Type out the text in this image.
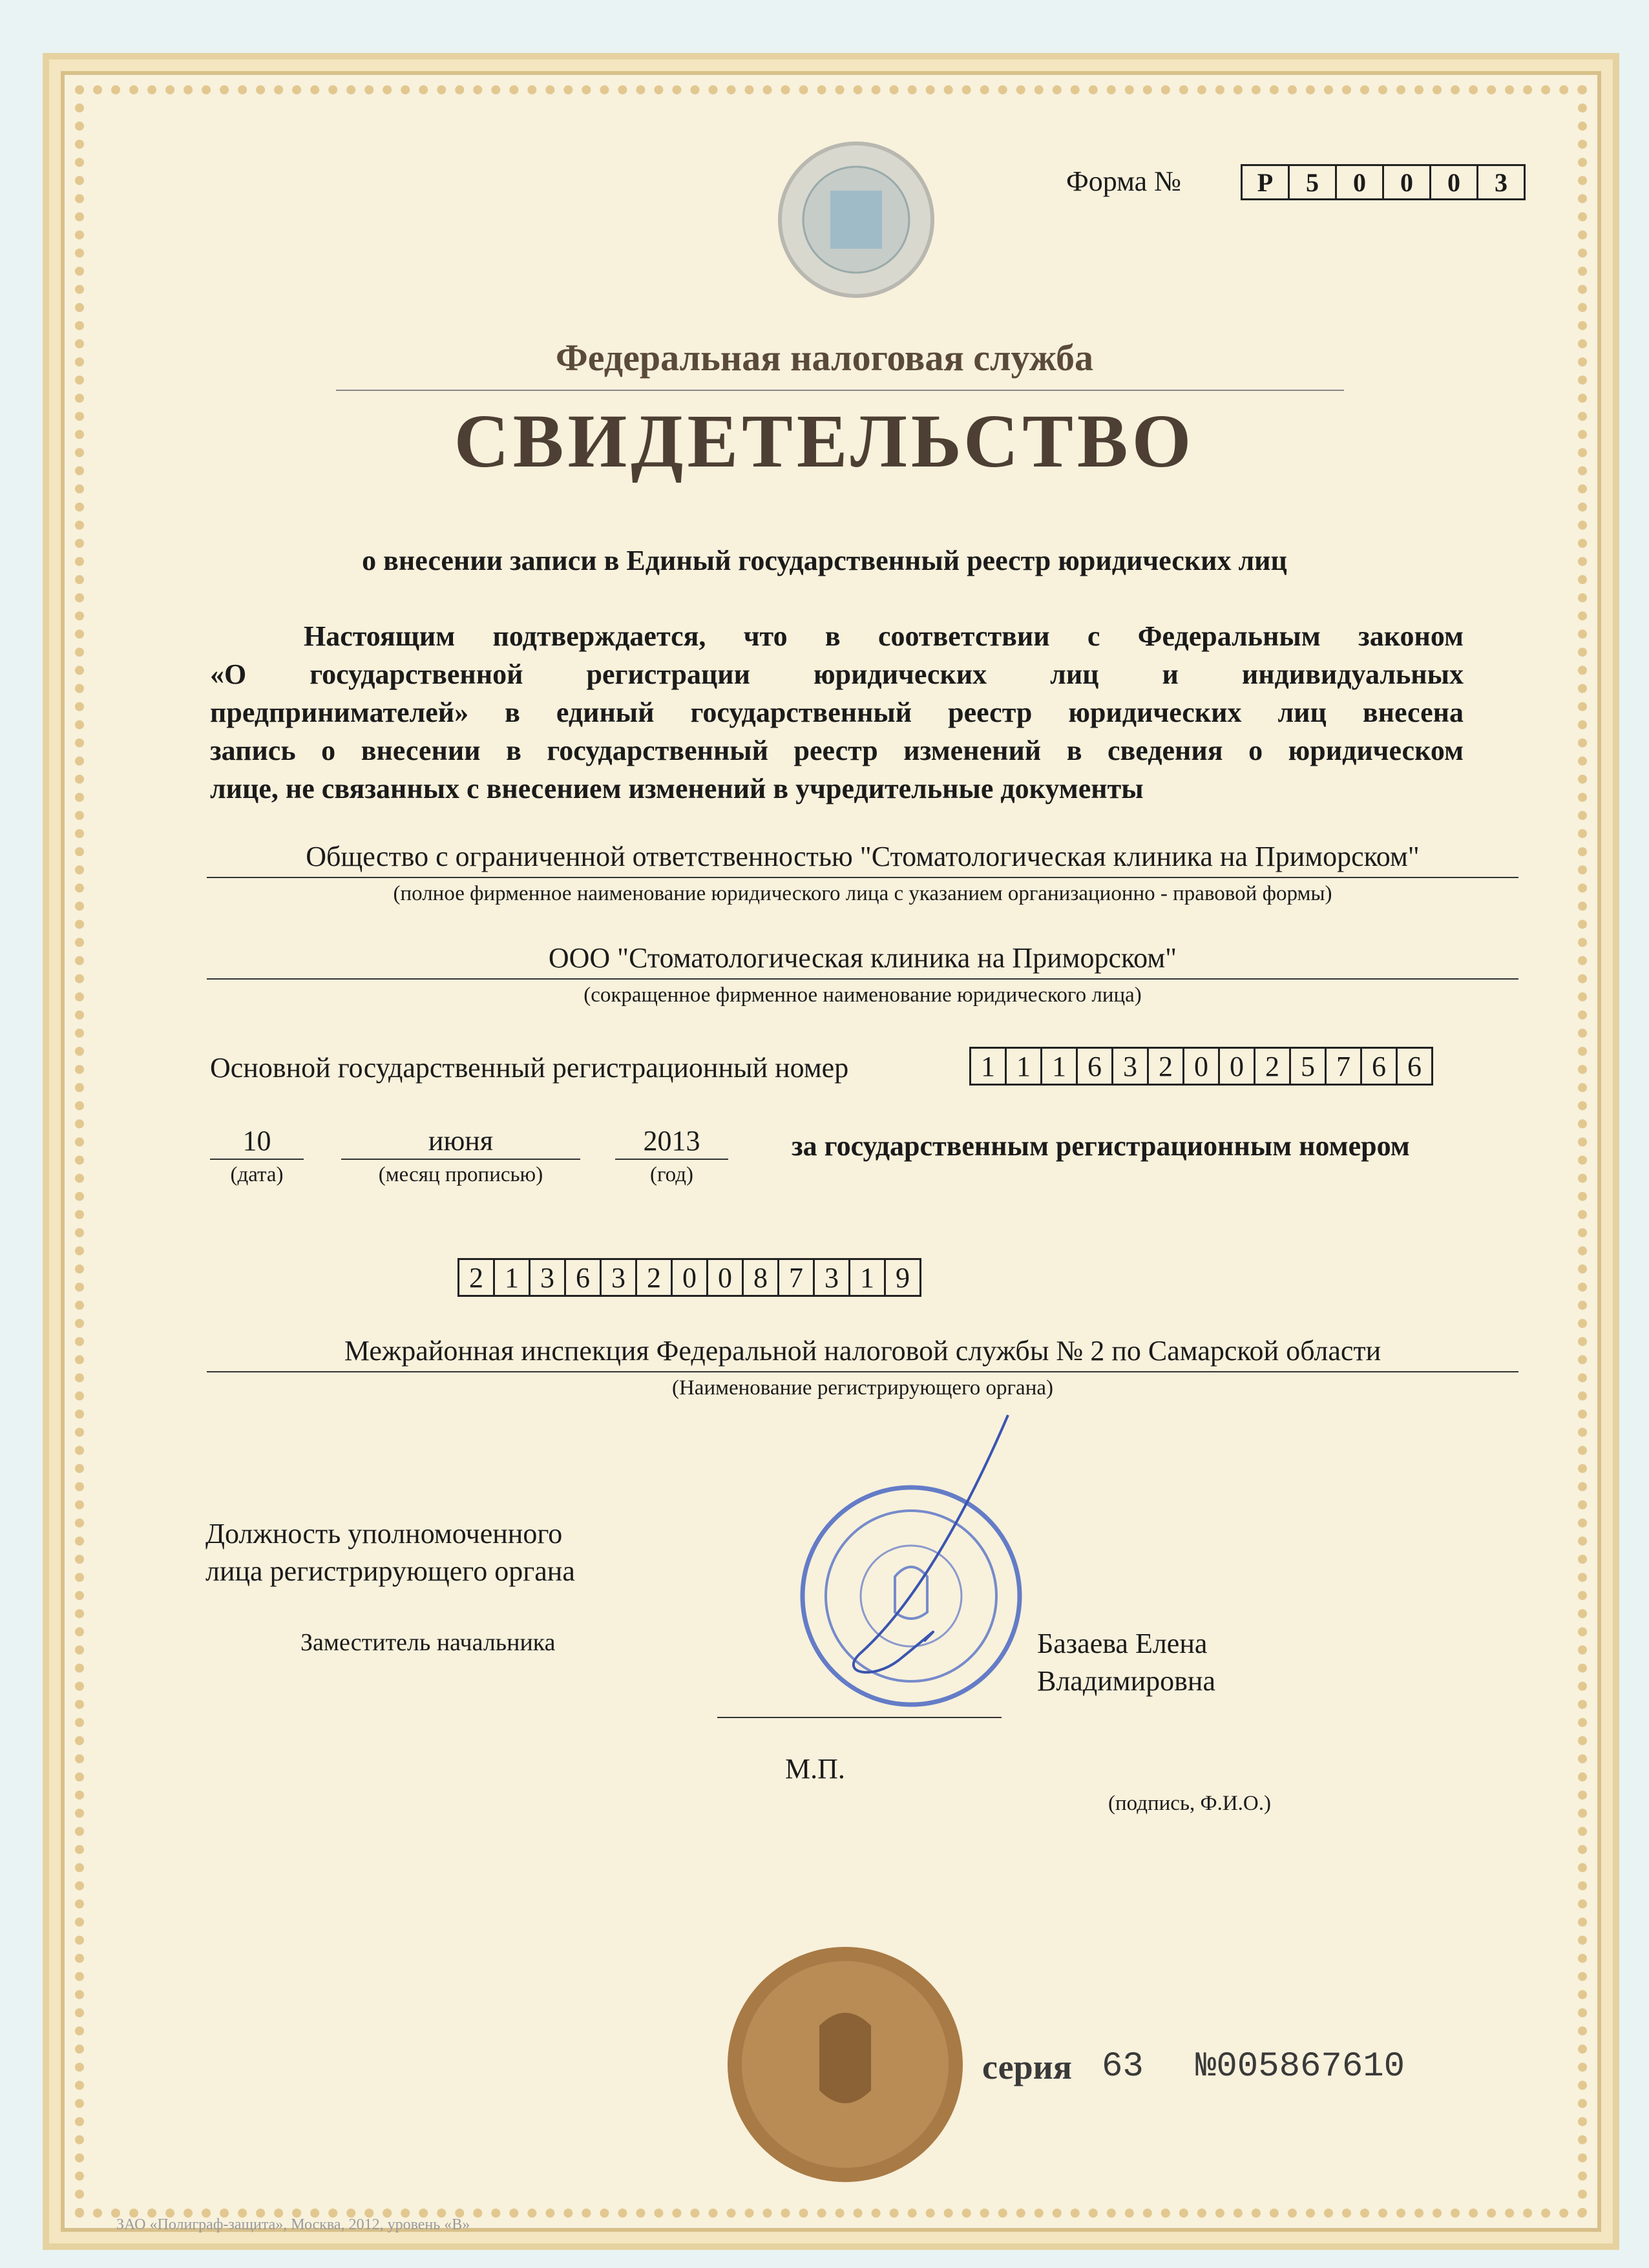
Форма №	Р	5	0	0	0	3
Федеральная налоговая служба
СВИДЕТЕЛЬСТВО
о внесении записи в Единый государственный реестр юридических лиц
Настоящим подтверждается, что в соответствии с Федеральным законом
«О государственной регистрации юридических лиц и индивидуальных
предпринимателей» в единый государственный реестр юридических лиц внесена
запись о внесении в государственный реестр изменений в сведения о юридическом
лице, не связанных с внесением изменений в учредительные документы
Общество с ограниченной ответственностью "Стоматологическая клиника на Приморском"
(полное фирменное наименование юридического лица с указанием организационно - правовой формы)
ООО "Стоматологическая клиника на Приморском"
(сокращенное фирменное наименование юридического лица)
Основной государственный регистрационный номер	1 1 1 6 3 2 0 0 2 5 7 6 6
10
(дата)
июня
(месяц прописью)
2013
(год)
за государственным регистрационным номером
2 1 3 6 3 2 0 0 8 7 3 1 9
Межрайонная инспекция Федеральной налоговой службы № 2 по Самарской области
(Наименование регистрирующего органа)
Должность уполномоченного
лица регистрирующего органа
Заместитель начальника	Базаева Елена
Владимировна
М.П.
(подпись, Ф.И.О.)
серия 63 №005867610
ЗАО «Полиграф-защита», Москва, 2012, уровень «В»
